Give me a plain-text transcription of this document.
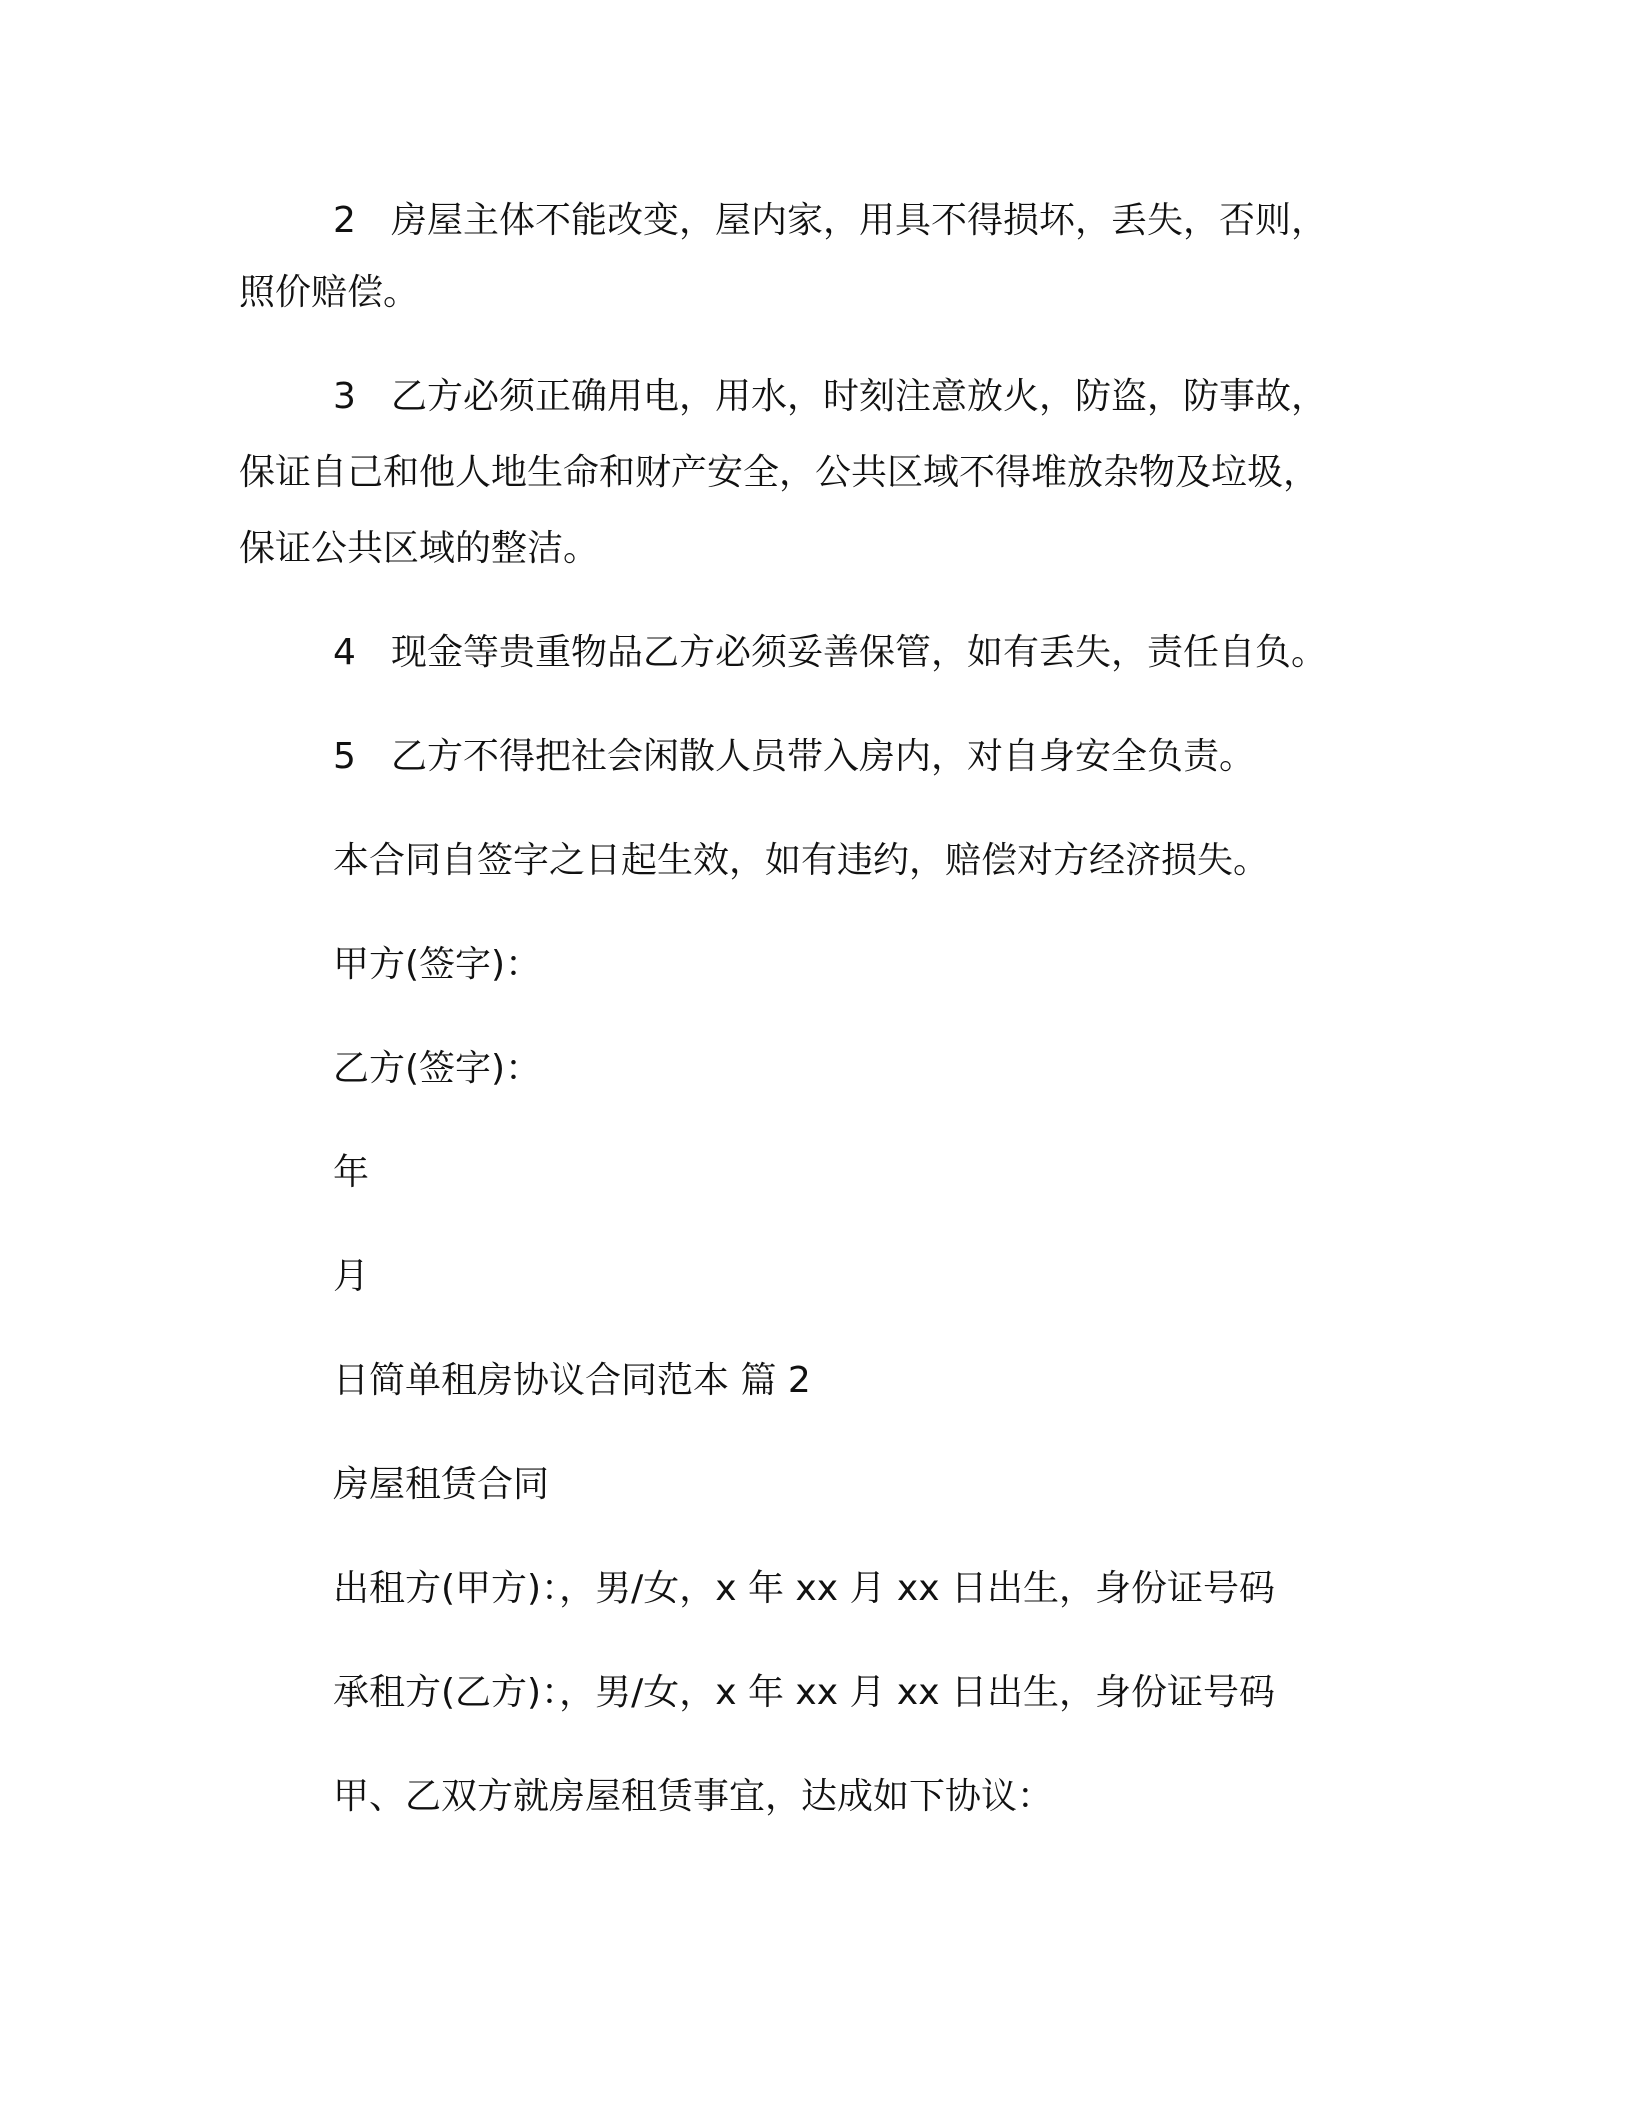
2 房屋主体不能改变，屋内家，用具不得损坏，丢失，否则，

照价赔偿。

3 乙方必须正确用电，用水，时刻注意放火，防盗，防事故，

保证自己和他人地生命和财产安全，公共区域不得堆放杂物及垃圾，

保证公共区域的整洁。

4 现金等贵重物品乙方必须妥善保管，如有丢失，责任自负。

5 乙方不得把社会闲散人员带入房内，对自身安全负责。

本合同自签字之日起生效，如有违约，赔偿对方经济损失。

甲方(签字)：

乙方(签字)：

年

月

日简单租房协议合同范本 篇 2

房屋租赁合同

出租方(甲方)：，男/女，x 年 xx 月 xx 日出生，身份证号码

承租方(乙方)：，男/女，x 年 xx 月 xx 日出生，身份证号码

甲、乙双方就房屋租赁事宜，达成如下协议：
